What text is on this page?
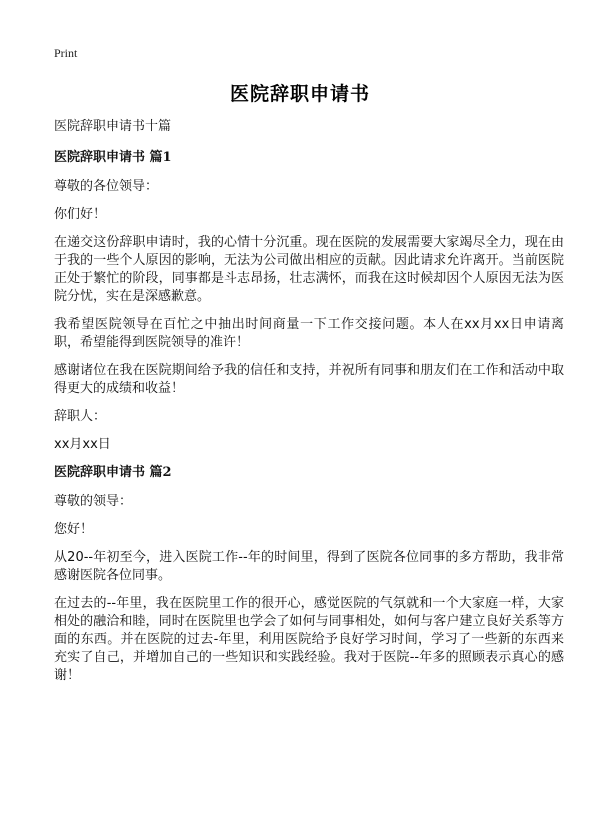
Print
医院辞职申请书

医院辞职申请书十篇

医院辞职申请书 篇1

尊敬的各位领导：

你们好！

在递交这份辞职申请时，我的心情十分沉重。现在医院的发展需要大家竭尽全力，现在由于我的一些个人原因的影响，无法为公司做出相应的贡献。因此请求允许离开。当前医院正处于繁忙的阶段，同事都是斗志昂扬，壮志满怀，而我在这时候却因个人原因无法为医院分忧，实在是深感歉意。

我希望医院领导在百忙之中抽出时间商量一下工作交接问题。本人在xx月xx日申请离职，希望能得到医院领导的准许！

感谢诸位在我在医院期间给予我的信任和支持，并祝所有同事和朋友们在工作和活动中取得更大的成绩和收益！

辞职人：

xx月xx日

医院辞职申请书 篇2

尊敬的领导：

您好！

从20--年初至今，进入医院工作--年的时间里，得到了医院各位同事的多方帮助，我非常感谢医院各位同事。

在过去的--年里，我在医院里工作的很开心，感觉医院的气氛就和一个大家庭一样，大家相处的融洽和睦，同时在医院里也学会了如何与同事相处，如何与客户建立良好关系等方面的东西。并在医院的过去-年里，利用医院给予良好学习时间，学习了一些新的东西来充实了自己，并增加自己的一些知识和实践经验。我对于医院--年多的照顾表示真心的感谢！
